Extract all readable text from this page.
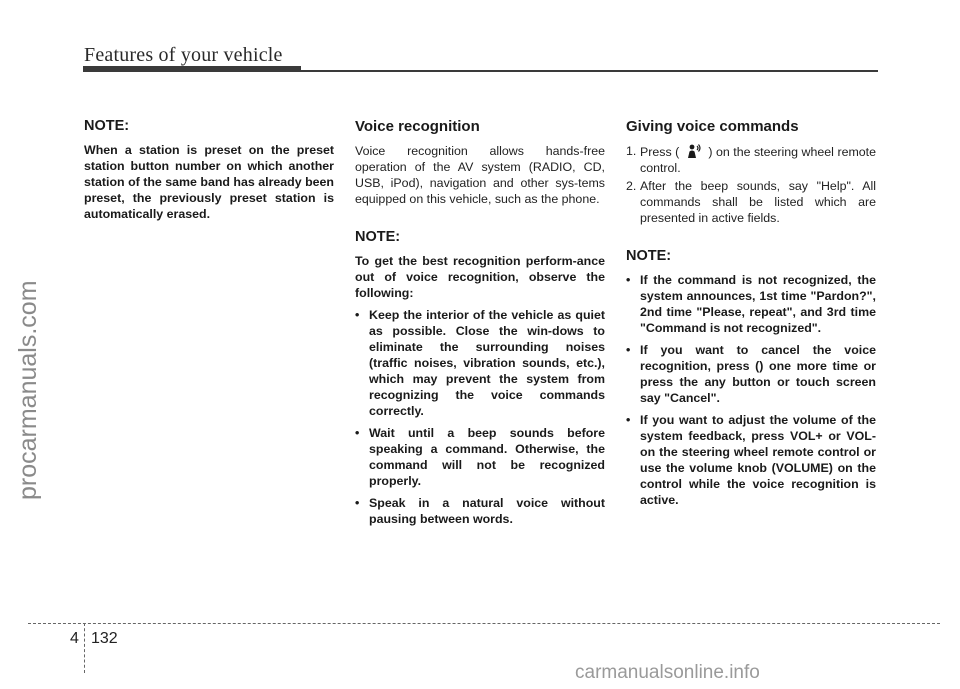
Features of your vehicle
procarmanuals.com
NOTE:

When a station is preset on the preset station button number on which another station of the same band has already been preset, the previously preset station is automatically erased.

Voice recognition

Voice recognition allows hands-free operation of the AV system (RADIO, CD, USB, iPod), navigation and other sys-tems equipped on this vehicle, such as the phone.

NOTE:

To get the best recognition perform-ance out of voice recognition, observe the following:

• Keep the interior of the vehicle as quiet as possible. Close the win-dows to eliminate the surrounding noises (traffic noises, vibration sounds, etc.), which may prevent the system from recognizing the voice commands correctly.
• Wait until a beep sounds before speaking a command. Otherwise, the command will not be recognized properly.
• Speak in a natural voice without pausing between words.
Giving voice commands
1. Press ( ) on the steering wheel remote control.
2. After the beep sounds, say "Help". All commands shall be listed which are presented in active fields.
NOTE:
• If the command is not recognized, the system announces, 1st time "Pardon?", 2nd time "Please, repeat", and 3rd time "Command is not recognized".
• If you want to cancel the voice recognition, press () one more time or press the any button or touch screen say "Cancel".
• If you want to adjust the volume of the system feedback, press VOL+ or VOL-on the steering wheel remote control or use the volume knob (VOLUME) on the control while the voice recognition is active.
4 132
carmanualsonline.info
